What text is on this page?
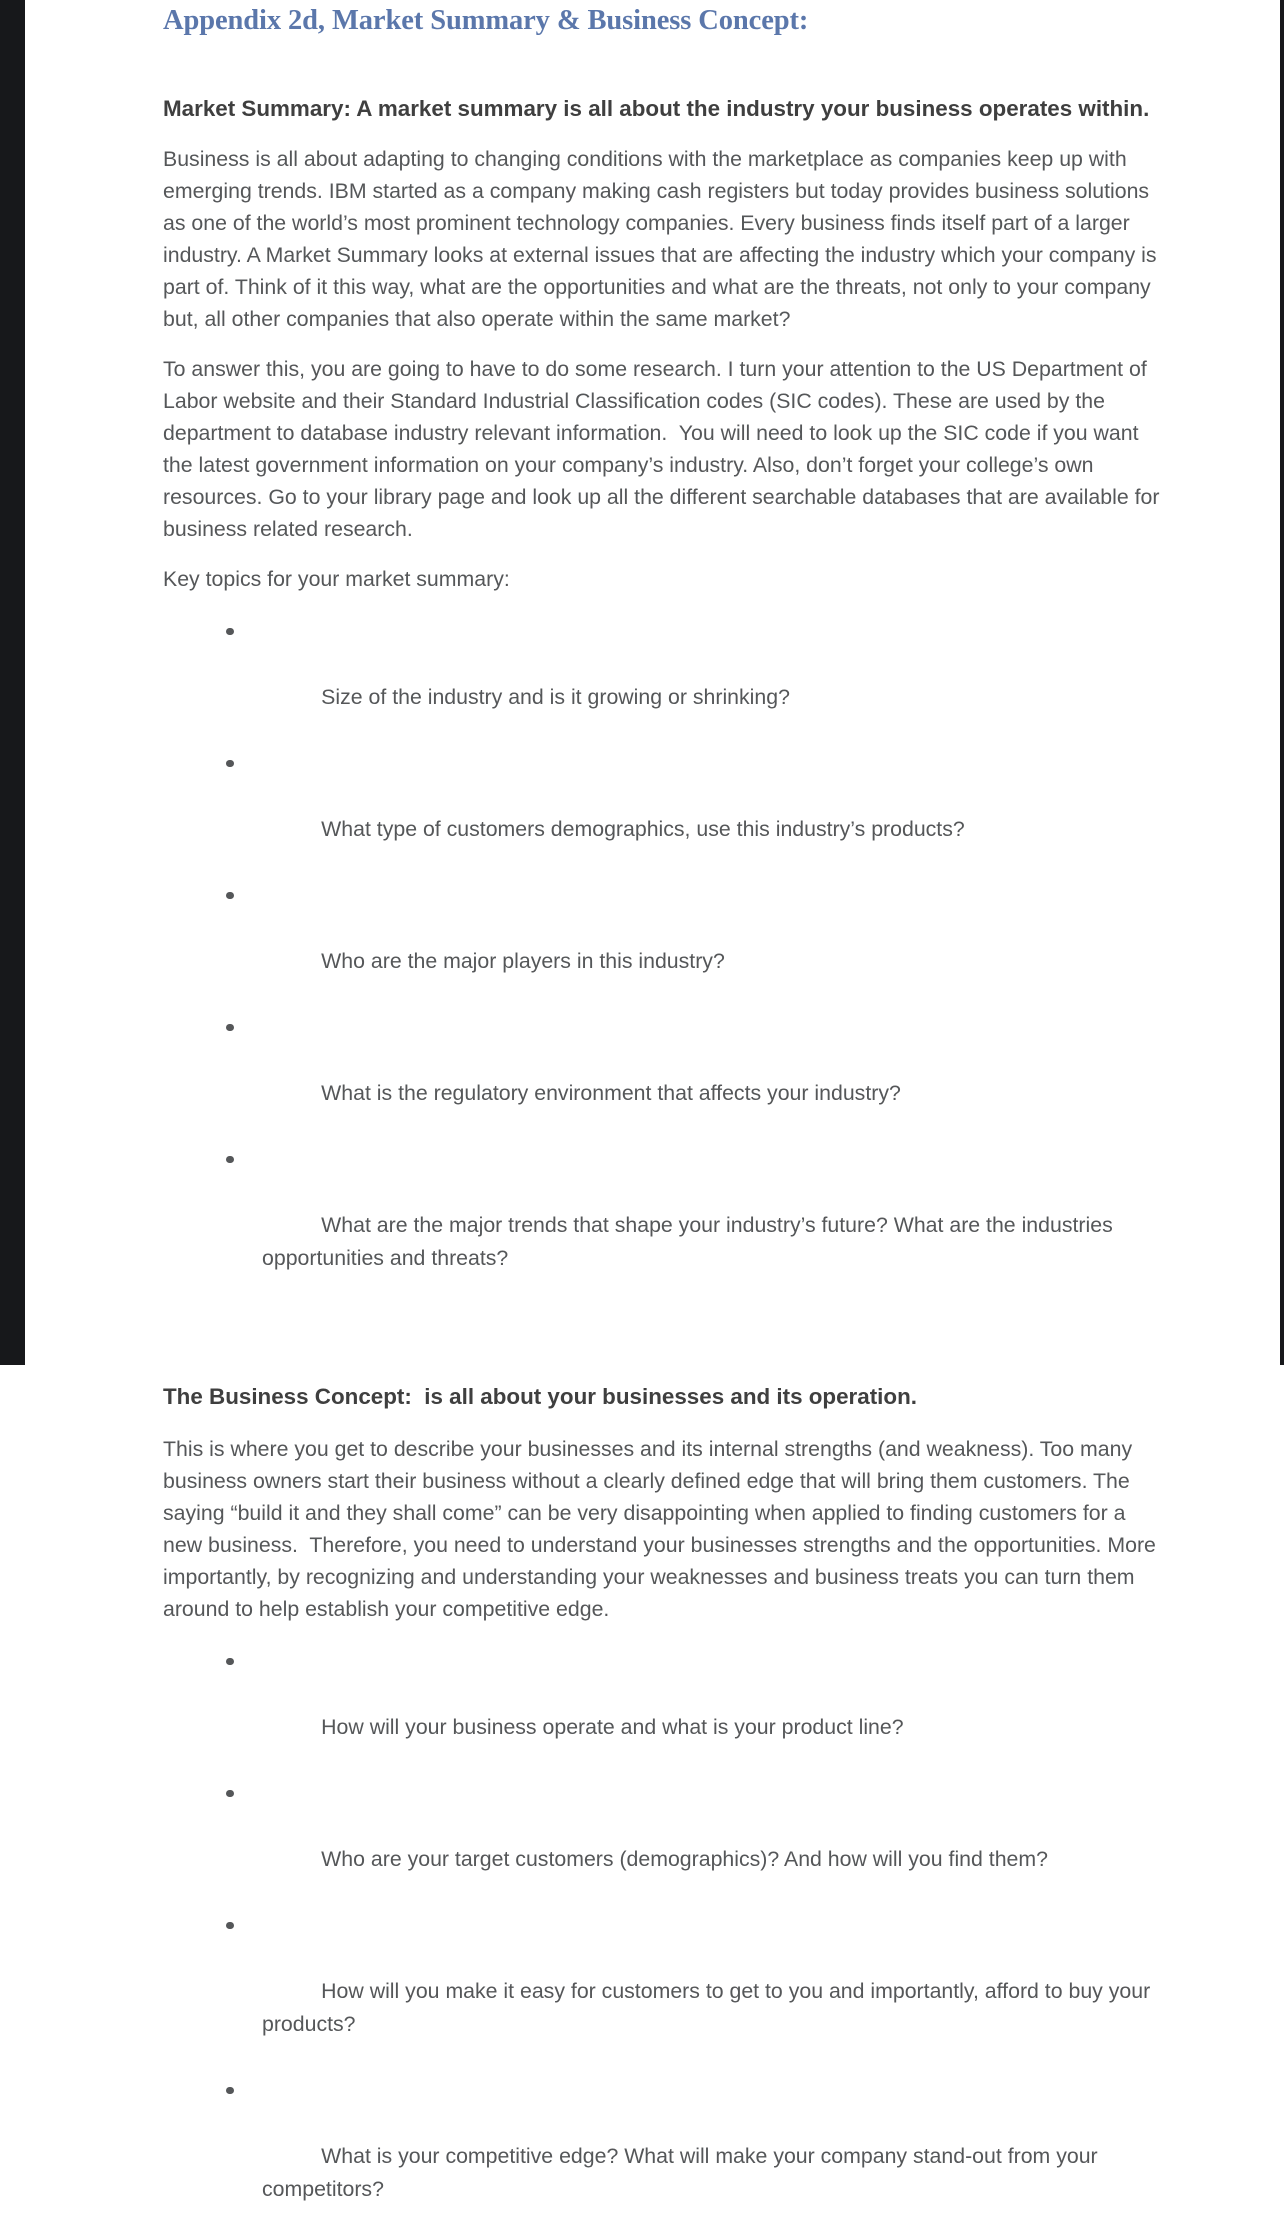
Appendix 2d, Market Summary & Business Concept:
Market Summary: A market summary is all about the industry your business operates within.

Business is all about adapting to changing conditions with the marketplace as companies keep up with emerging trends. IBM started as a company making cash registers but today provides business solutions as one of the world’s most prominent technology companies. Every business finds itself part of a larger industry. A Market Summary looks at external issues that are affecting the industry which your company is part of. Think of it this way, what are the opportunities and what are the threats, not only to your company but, all other companies that also operate within the same market?

To answer this, you are going to have to do some research. I turn your attention to the US Department of Labor website and their Standard Industrial Classification codes (SIC codes). These are used by the department to database industry relevant information.  You will need to look up the SIC code if you want the latest government information on your company’s industry. Also, don’t forget your college’s own resources. Go to your library page and look up all the different searchable databases that are available for business related research.

Key topics for your market summary:

Size of the industry and is it growing or shrinking?

What type of customers demographics, use this industry’s products?

Who are the major players in this industry?

What is the regulatory environment that affects your industry?

What are the major trends that shape your industry’s future? What are the industries opportunities and threats?

The Business Concept:  is all about your businesses and its operation.

This is where you get to describe your businesses and its internal strengths (and weakness). Too many business owners start their business without a clearly defined edge that will bring them customers. The saying “build it and they shall come” can be very disappointing when applied to finding customers for a new business.  Therefore, you need to understand your businesses strengths and the opportunities. More importantly, by recognizing and understanding your weaknesses and business treats you can turn them around to help establish your competitive edge.

How will your business operate and what is your product line?

Who are your target customers (demographics)? And how will you find them?

How will you make it easy for customers to get to you and importantly, afford to buy your products?

What is your competitive edge? What will make your company stand-out from your competitors?
